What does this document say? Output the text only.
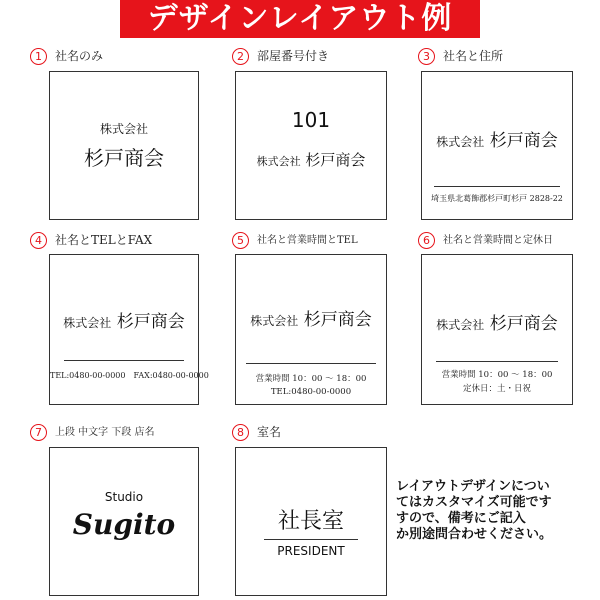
デザインレイアウト例
1 社名のみ	2 部屋番号付き	3 社名と住所
株式会社
杉戸商会
101
株式会社 杉戸商会
株式会社 杉戸商会
埼玉県北葛飾郡杉戸町杉戸 2828-22
4 社名とTELとFAX	5 社名と営業時間とTEL	6 社名と営業時間と定休日
株式会社 杉戸商会
TEL:0480-00-0000　FAX:0480-00-0000
株式会社 杉戸商会
営業時間 10：00 ～ 18：00
TEL:0480-00-0000
株式会社 杉戸商会
営業時間 10：00 ～ 18：00
定休日：土・日祝
7 上段 中文字 下段 店名	8 室名
Studio
Sugito	社長室
PRESIDENT
レイアウトデザインについ
てはカスタマイズ可能です
すので、備考にご記入
か別途問合わせください。
